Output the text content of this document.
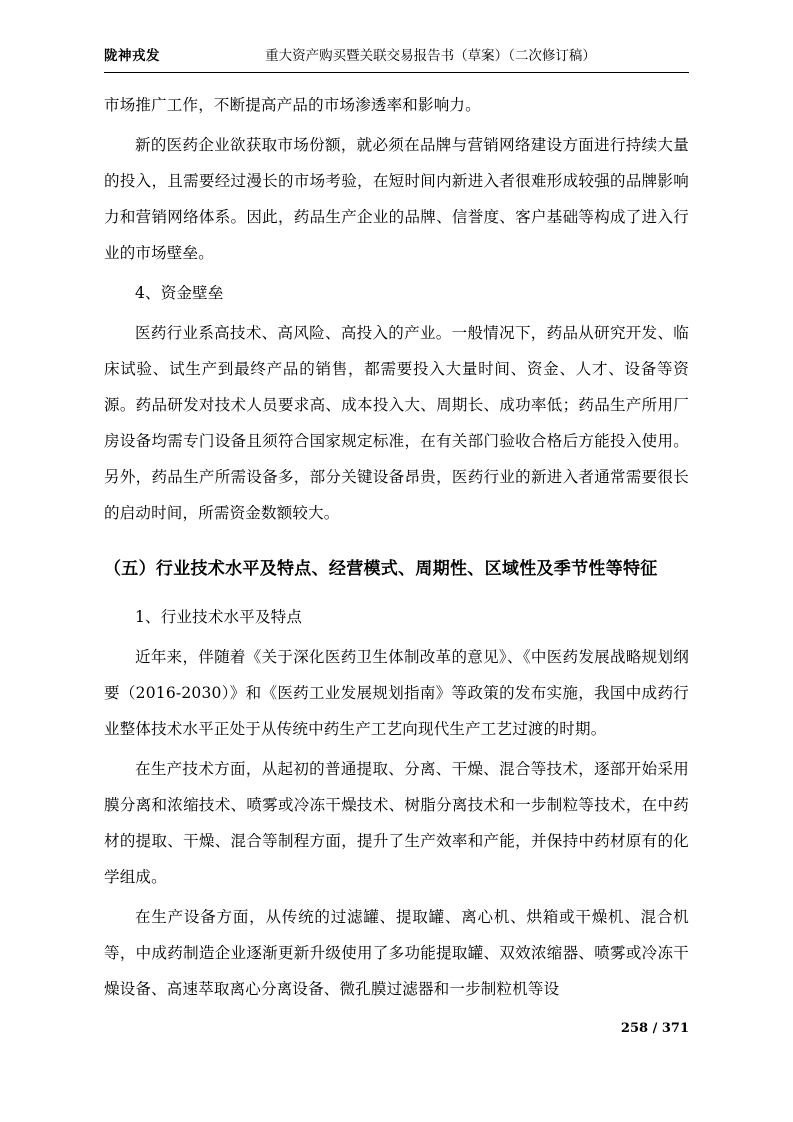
陇神戎发	重大资产购买暨关联交易报告书（草案）（二次修订稿）

市场推广工作，不断提高产品的市场渗透率和影响力。

新的医药企业欲获取市场份额，就必须在品牌与营销网络建设方面进行持续大量的投入，且需要经过漫长的市场考验，在短时间内新进入者很难形成较强的品牌影响力和营销网络体系。因此，药品生产企业的品牌、信誉度、客户基础等构成了进入行业的市场壁垒。

4、资金壁垒

医药行业系高技术、高风险、高投入的产业。一般情况下，药品从研究开发、临床试验、试生产到最终产品的销售，都需要投入大量时间、资金、人才、设备等资源。药品研发对技术人员要求高、成本投入大、周期长、成功率低；药品生产所用厂房设备均需专门设备且须符合国家规定标准，在有关部门验收合格后方能投入使用。另外，药品生产所需设备多，部分关键设备昂贵，医药行业的新进入者通常需要很长的启动时间，所需资金数额较大。

（五）行业技术水平及特点、经营模式、周期性、区域性及季节性等特征

1、行业技术水平及特点

近年来，伴随着《关于深化医药卫生体制改革的意见》、《中医药发展战略规划纲要（2016-2030）》和《医药工业发展规划指南》等政策的发布实施，我国中成药行业整体技术水平正处于从传统中药生产工艺向现代生产工艺过渡的时期。

在生产技术方面，从起初的普通提取、分离、干燥、混合等技术，逐部开始采用膜分离和浓缩技术、喷雾或冷冻干燥技术、树脂分离技术和一步制粒等技术，在中药材的提取、干燥、混合等制程方面，提升了生产效率和产能，并保持中药材原有的化学组成。

在生产设备方面，从传统的过滤罐、提取罐、离心机、烘箱或干燥机、混合机等，中成药制造企业逐渐更新升级使用了多功能提取罐、双效浓缩器、喷雾或冷冻干燥设备、高速萃取离心分离设备、微孔膜过滤器和一步制粒机等设

258 / 371
